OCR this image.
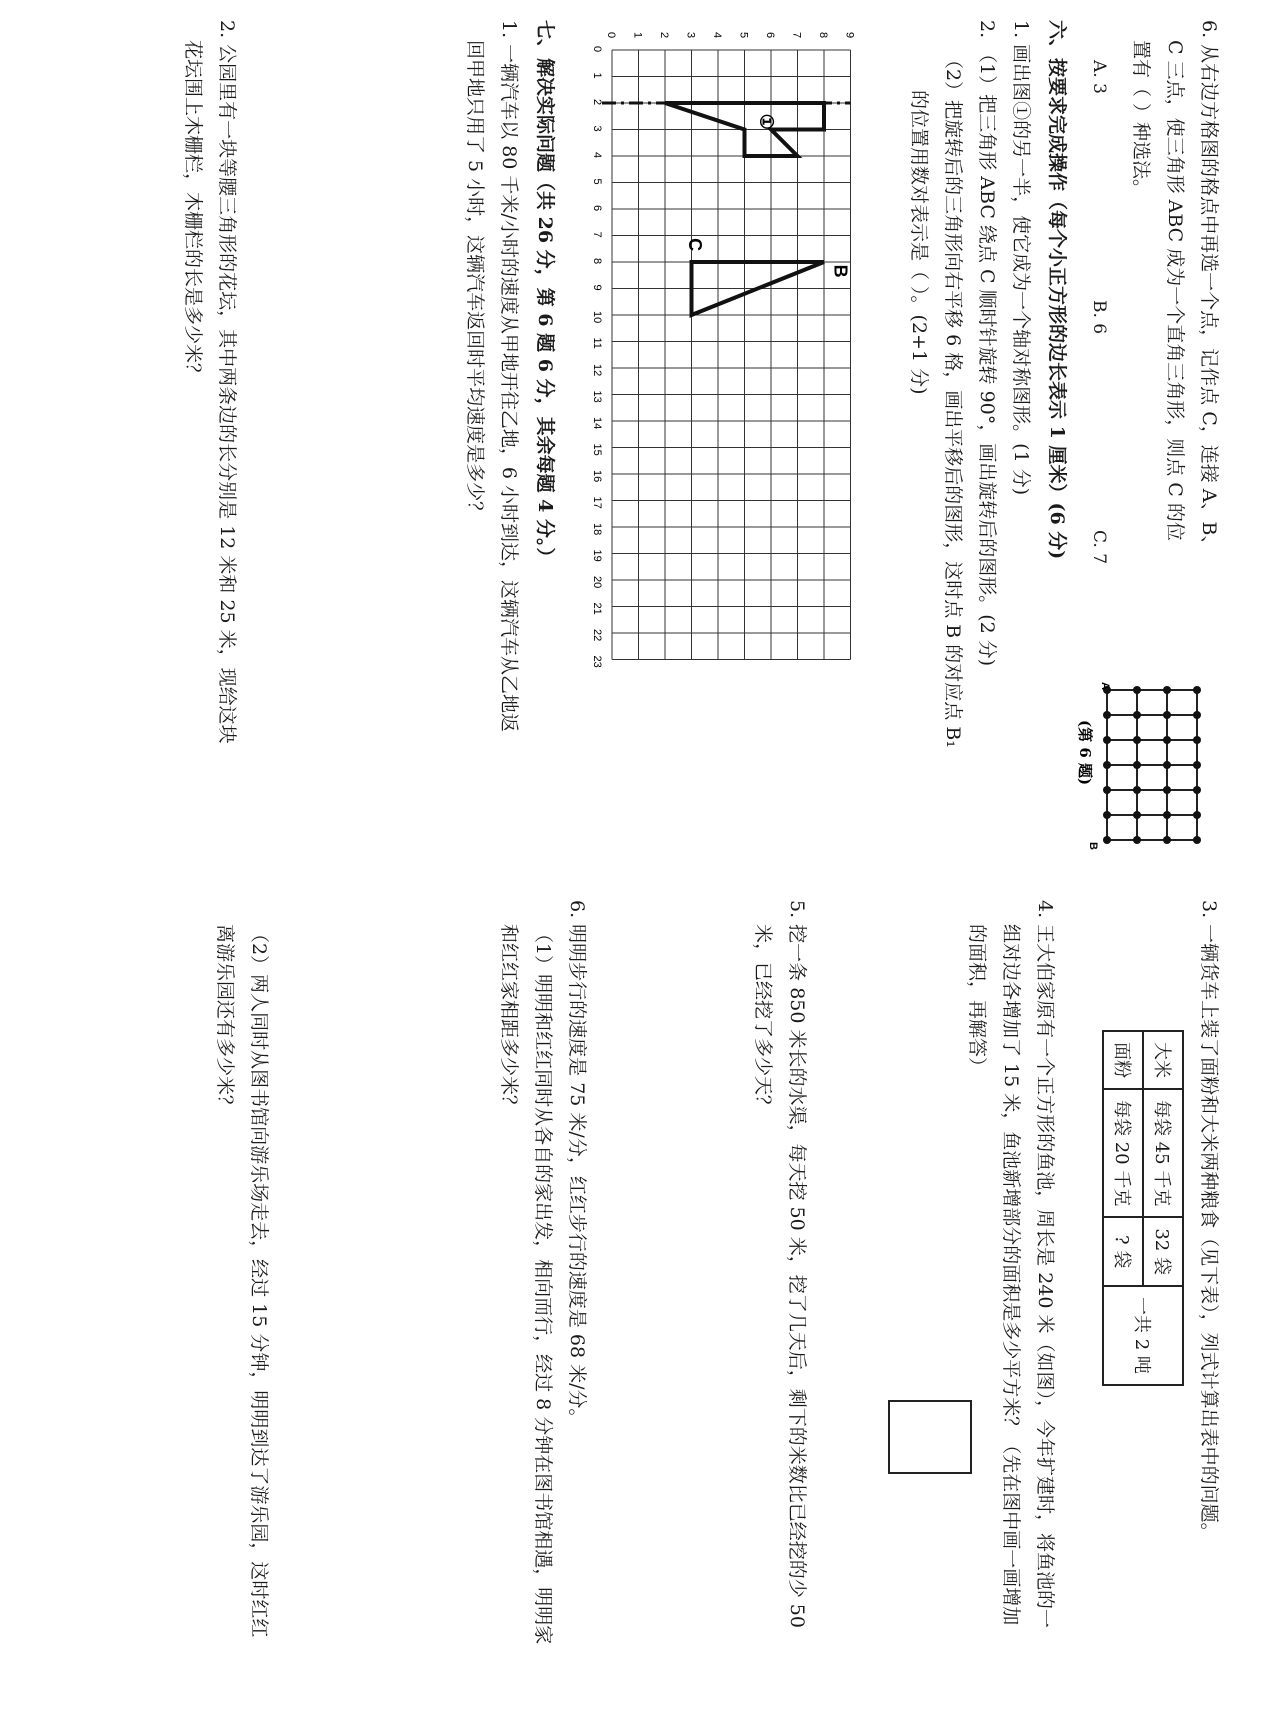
6. 从右边方格图的格点中再选一个点，记作点 C，连接 A、B、
C 三点，使三角形 ABC 成为一个直角三角形，则点 C 的位
置有（ ）种选法。
A. 3
B. 6
C. 7
A
B
(第 6 题)
六、按要求完成操作（每个小正方形的边长表示 1 厘米）(6 分)
1. 画出图①的另一半，使它成为一个轴对称图形。(1 分)
2. （1）把三角形 ABC 绕点 C 顺时针旋转 90°，画出旋转后的图形。(2 分)
（2）把旋转后的三角形向右平移 6 格，画出平移后的图形，这时点 B 的对应点 B₁
的位置用数对表示是（ ）。(2+1 分)
0
1
2
3
4
5
6
7
8
9
10
11
12
13
14
15
16
17
18
19
20
21
22
23
0 1 2 3 4 5 6 7 8 9
①
B
C
七、解决实际问题（共 26 分，第 6 题 6 分，其余每题 4 分。）
1. 一辆汽车以 80 千米/小时的速度从甲地开往乙地，6 小时到达，这辆汽车从乙地返
回甲地只用了 5 小时，这辆汽车返回时平均速度是多少？
2. 公园里有一块等腰三角形的花坛，其中两条边的长分别是 12 米和 25 米，现给这块
花坛围上木栅栏，木栅栏的长是多少米？
3. 一辆货车上装了面粉和大米两种粮食（见下表），列式计算出表中的问题。
大米	每袋 45 千克	32 袋	一共 2 吨
面粉	每袋 20 千克	? 袋	
4. 王大伯家原有一个正方形的鱼池，周长是 240 米（如图），今年扩建时，将鱼池的一
组对边各增加了 15 米，鱼池新增部分的面积是多少平方米？（先在图中画一画增加
的面积，再解答）
5. 挖一条 850 米长的水渠，每天挖 50 米，挖了几天后，剩下的米数比已经挖的少 50
米，已经挖了多少天？
6. 明明步行的速度是 75 米/分，红红步行的速度是 68 米/分。
（1）明明和红红同时从各自的家出发，相向而行，经过 8 分钟在图书馆相遇，明明家
和红红家相距多少米？
（2）两人同时从图书馆向游乐场走去，经过 15 分钟，明明到达了游乐园，这时红红
离游乐园还有多少米？
